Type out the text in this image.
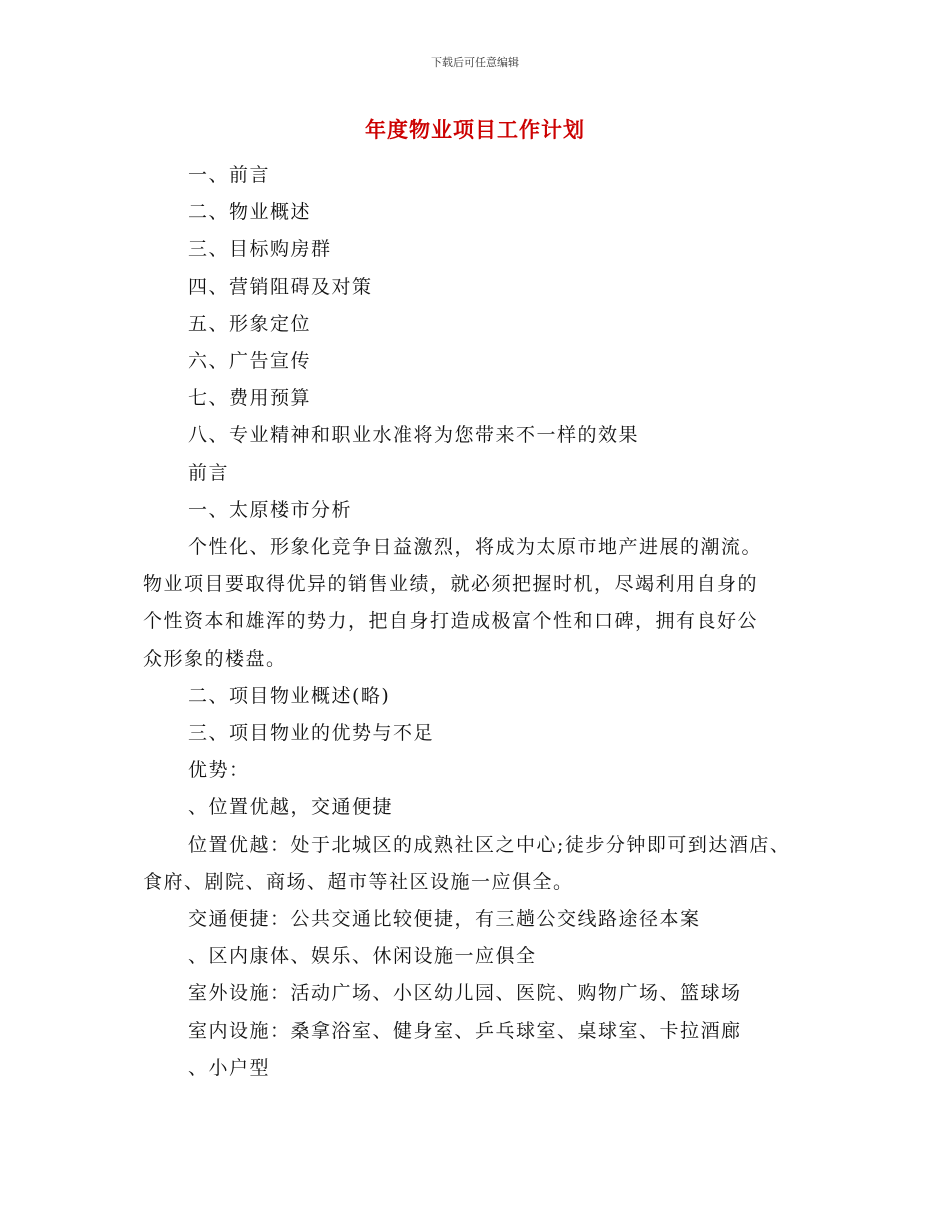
下载后可任意编辑
年度物业项目工作计划

一、前言

二、物业概述

三、目标购房群

四、营销阻碍及对策

五、形象定位

六、广告宣传

七、费用预算

八、专业精神和职业水准将为您带来不一样的效果

前言

一、太原楼市分析

个性化、形象化竞争日益激烈，将成为太原市地产进展的潮流。

物业项目要取得优异的销售业绩，就必须把握时机，尽竭利用自身的

个性资本和雄浑的势力，把自身打造成极富个性和口碑，拥有良好公

众形象的楼盘。

二、项目物业概述(略)

三、项目物业的优势与不足

优势：

、位置优越，交通便捷

位置优越：处于北城区的成熟社区之中心;徒步分钟即可到达酒店、

食府、剧院、商场、超市等社区设施一应俱全。

交通便捷：公共交通比较便捷，有三趟公交线路途径本案

、区内康体、娱乐、休闲设施一应俱全

室外设施：活动广场、小区幼儿园、医院、购物广场、篮球场

室内设施：桑拿浴室、健身室、乒乓球室、桌球室、卡拉酒廊

、小户型
